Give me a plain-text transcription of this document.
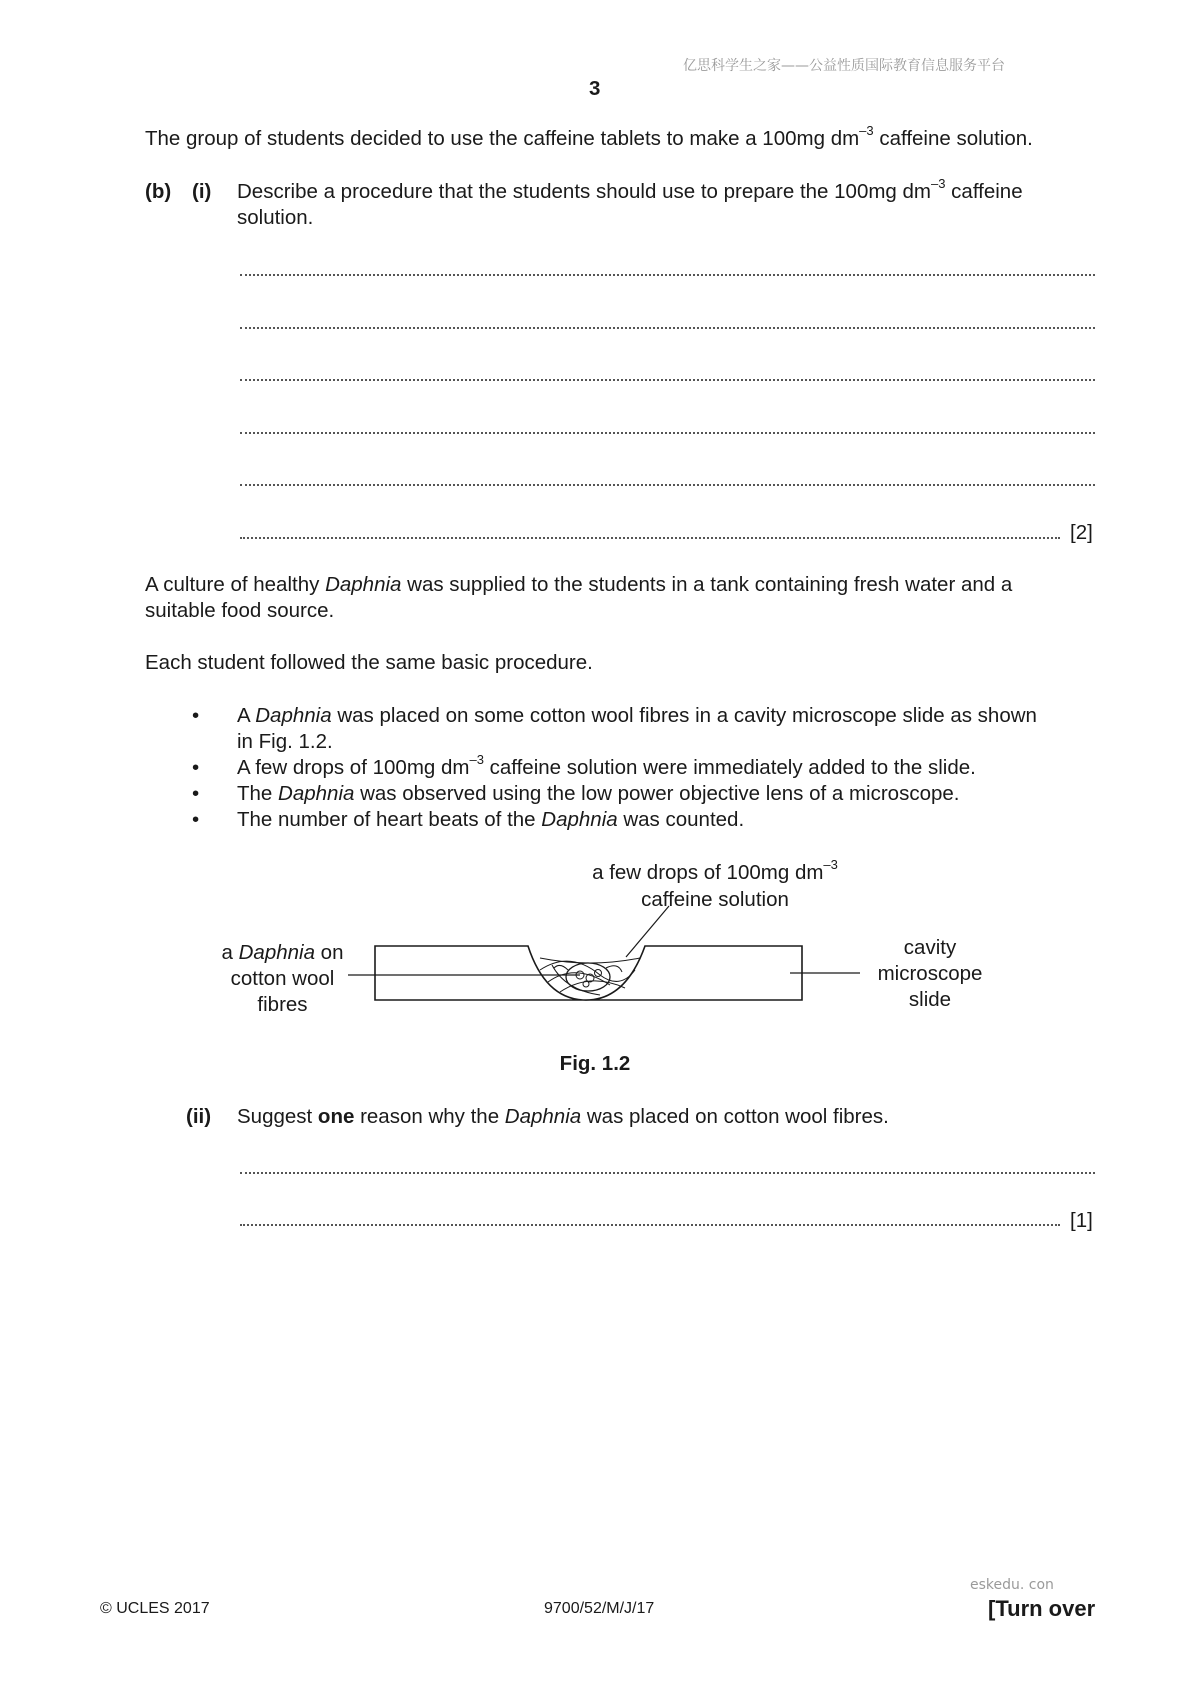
亿思科学生之家——公益性质国际教育信息服务平台
3
The group of students decided to use the caffeine tablets to make a 100mg $dm^{-3}$ caffeine solution.
(b) (i) Describe a procedure that the students should use to prepare the 100mg $dm^{-3}$ caffeine
solution.
[2]
A culture of healthy Daphnia was supplied to the students in a tank containing fresh water and a
suitable food source.
Each student followed the same basic procedure.
• A Daphnia was placed on some cotton wool fibres in a cavity microscope slide as shown
in Fig. 1.2.
• A few drops of 100mg $dm^{-3}$ caffeine solution were immediately added to the slide.
• The Daphnia was observed using the low power objective lens of a microscope.
• The number of heart beats of the Daphnia was counted.
a few drops of 100mg $dm^{-3}$
caffeine solution
a Daphnia on
cotton wool
fibres
cavity
microscope
slide
Fig. 1.2
(ii) Suggest one reason why the Daphnia was placed on cotton wool fibres.
[1]
eskedu. con
© UCLES 2017	9700/52/M/J/17	[Turn over
